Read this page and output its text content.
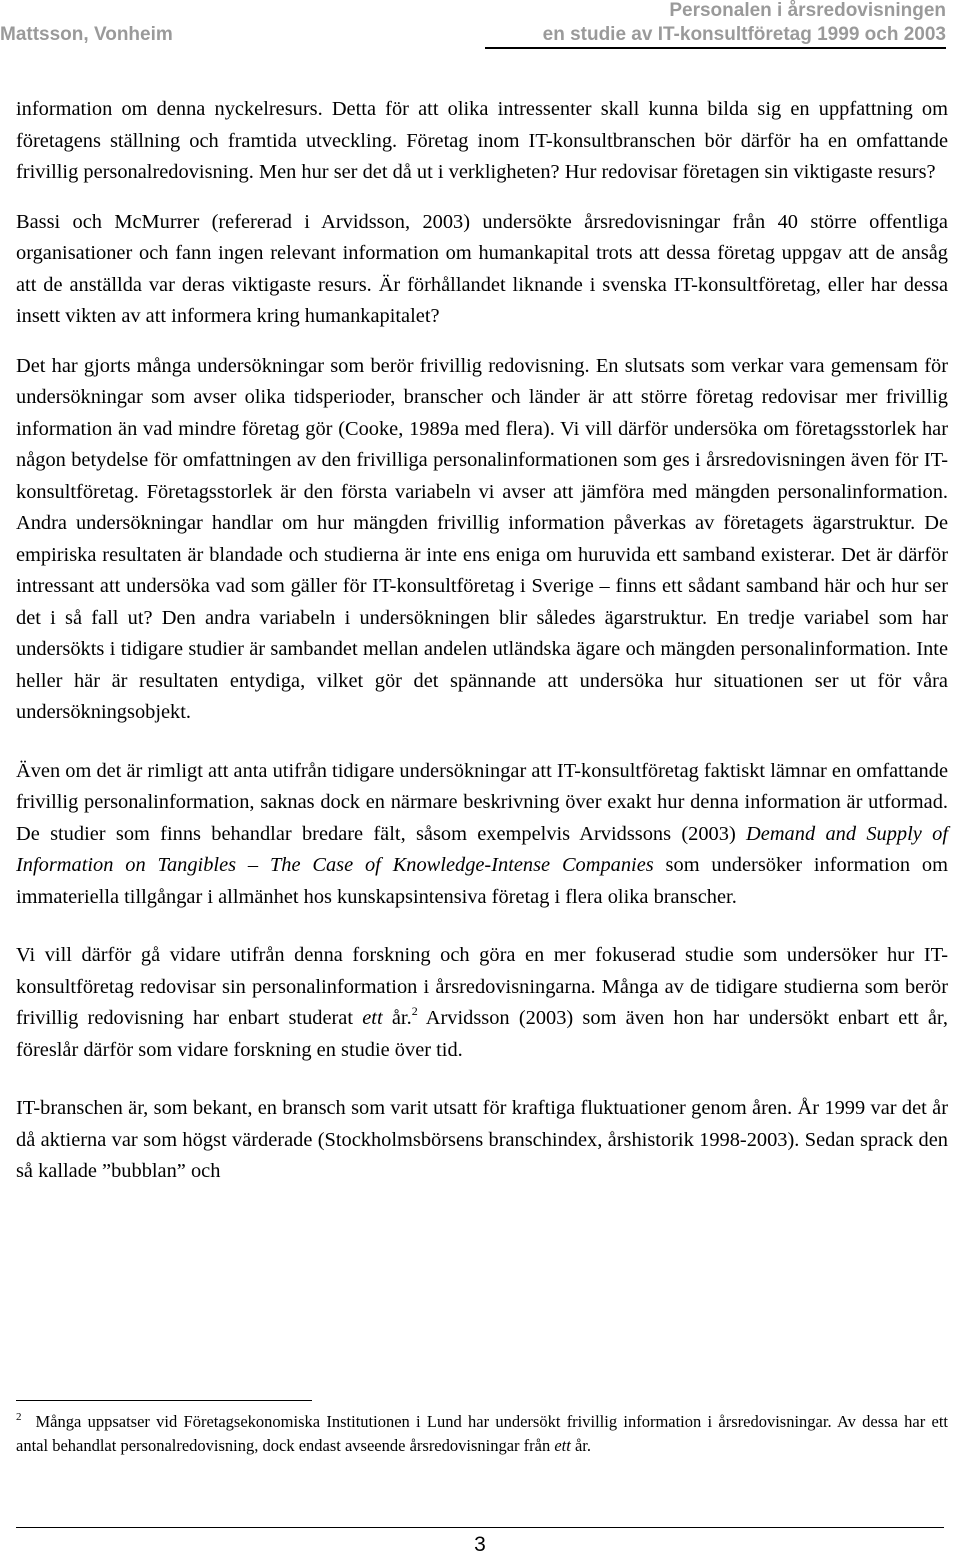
Mattsson, Vonheim
Personalen i årsredovisningen
en studie av IT-konsultföretag 1999 och 2003

information om denna nyckelresurs. Detta för att olika intressenter skall kunna bilda sig en uppfattning om företagens ställning och framtida utveckling. Företag inom IT-konsultbranschen bör därför ha en omfattande frivillig personalredovisning. Men hur ser det då ut i verkligheten? Hur redovisar företagen sin viktigaste resurs?

Bassi och McMurrer (refererad i Arvidsson, 2003) undersökte årsredovisningar från 40 större offentliga organisationer och fann ingen relevant information om humankapital trots att dessa företag uppgav att de ansåg att de anställda var deras viktigaste resurs. Är förhållandet liknande i svenska IT-konsultföretag, eller har dessa insett vikten av att informera kring humankapitalet?

Det har gjorts många undersökningar som berör frivillig redovisning. En slutsats som verkar vara gemensam för undersökningar som avser olika tidsperioder, branscher och länder är att större företag redovisar mer frivillig information än vad mindre företag gör (Cooke, 1989a med flera). Vi vill därför undersöka om företagsstorlek har någon betydelse för omfattningen av den frivilliga personalinformationen som ges i årsredovisningen även för IT-konsultföretag. Företagsstorlek är den första variabeln vi avser att jämföra med mängden personalinformation. Andra undersökningar handlar om hur mängden frivillig information påverkas av företagets ägarstruktur. De empiriska resultaten är blandade och studierna är inte ens eniga om huruvida ett samband existerar. Det är därför intressant att undersöka vad som gäller för IT-konsultföretag i Sverige – finns ett sådant samband här och hur ser det i så fall ut? Den andra variabeln i undersökningen blir således ägarstruktur. En tredje variabel som har undersökts i tidigare studier är sambandet mellan andelen utländska ägare och mängden personalinformation. Inte heller här är resultaten entydiga, vilket gör det spännande att undersöka hur situationen ser ut för våra undersökningsobjekt.

Även om det är rimligt att anta utifrån tidigare undersökningar att IT-konsultföretag faktiskt lämnar en omfattande frivillig personalinformation, saknas dock en närmare beskrivning över exakt hur denna information är utformad. De studier som finns behandlar bredare fält, såsom exempelvis Arvidssons (2003) Demand and Supply of Information on Tangibles – The Case of Knowledge-Intense Companies som undersöker information om immateriella tillgångar i allmänhet hos kunskapsintensiva företag i flera olika branscher.

Vi vill därför gå vidare utifrån denna forskning och göra en mer fokuserad studie som undersöker hur IT-konsultföretag redovisar sin personalinformation i årsredovisningarna. Många av de tidigare studierna som berör frivillig redovisning har enbart studerat ett år.$^2$ Arvidsson (2003) som även hon har undersökt enbart ett år, föreslår därför som vidare forskning en studie över tid.

IT-branschen är, som bekant, en bransch som varit utsatt för kraftiga fluktuationer genom åren. År 1999 var det år då aktierna var som högst värderade (Stockholmsbörsens branschindex, årshistorik 1998-2003). Sedan sprack den så kallade ”bubblan” och

$^2$ Många uppsatser vid Företagsekonomiska Institutionen i Lund har undersökt frivillig information i årsredovisningar. Av dessa har ett antal behandlat personalredovisning, dock endast avseende årsredovisningar från ett år.
3
